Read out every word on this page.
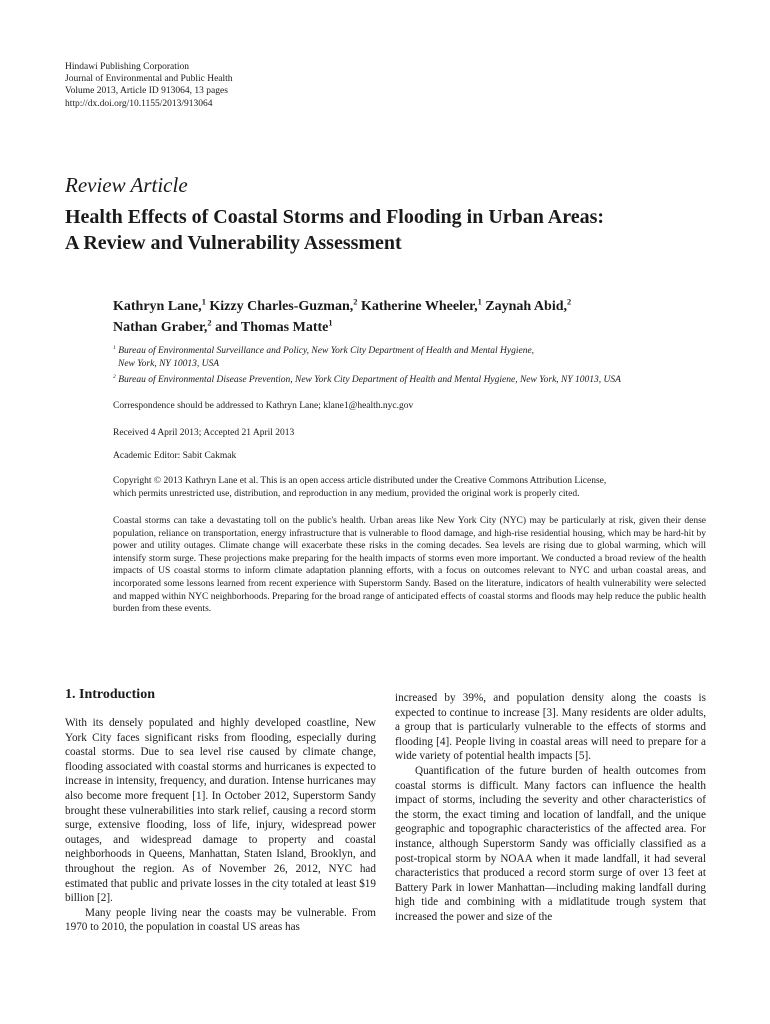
Hindawi Publishing Corporation
Journal of Environmental and Public Health
Volume 2013, Article ID 913064, 13 pages
http://dx.doi.org/10.1155/2013/913064
Review Article
Health Effects of Coastal Storms and Flooding in Urban Areas:
A Review and Vulnerability Assessment
Kathryn Lane,$^1$ Kizzy Charles-Guzman,$^2$ Katherine Wheeler,$^1$ Zaynah Abid,$^2$
Nathan Graber,$^2$ and Thomas Matte$^1$
$^1$ Bureau of Environmental Surveillance and Policy, New York City Department of Health and Mental Hygiene,
New York, NY 10013, USA
$^2$ Bureau of Environmental Disease Prevention, New York City Department of Health and Mental Hygiene, New York, NY 10013, USA
Correspondence should be addressed to Kathryn Lane; klane1@health.nyc.gov
Received 4 April 2013; Accepted 21 April 2013
Academic Editor: Sabit Cakmak
Copyright © 2013 Kathryn Lane et al. This is an open access article distributed under the Creative Commons Attribution License,
which permits unrestricted use, distribution, and reproduction in any medium, provided the original work is properly cited.
Coastal storms can take a devastating toll on the public's health. Urban areas like New York City (NYC) may be particularly at risk, given their dense population, reliance on transportation, energy infrastructure that is vulnerable to flood damage, and high-rise residential housing, which may be hard-hit by power and utility outages. Climate change will exacerbate these risks in the coming decades. Sea levels are rising due to global warming, which will intensify storm surge. These projections make preparing for the health impacts of storms even more important. We conducted a broad review of the health impacts of US coastal storms to inform climate adaptation planning efforts, with a focus on outcomes relevant to NYC and urban coastal areas, and incorporated some lessons learned from recent experience with Superstorm Sandy. Based on the literature, indicators of health vulnerability were selected and mapped within NYC neighborhoods. Preparing for the broad range of anticipated effects of coastal storms and floods may help reduce the public health burden from these events.
1. Introduction

With its densely populated and highly developed coastline, New York City faces significant risks from flooding, especially during coastal storms. Due to sea level rise caused by climate change, flooding associated with coastal storms and hurricanes is expected to increase in intensity, frequency, and duration. Intense hurricanes may also become more frequent [1]. In October 2012, Superstorm Sandy brought these vulnerabilities into stark relief, causing a record storm surge, extensive flooding, loss of life, injury, widespread power outages, and widespread damage to property and coastal neighborhoods in Queens, Manhattan, Staten Island, Brooklyn, and throughout the region. As of November 26, 2012, NYC had estimated that public and private losses in the city totaled at least $19 billion [2].

Many people living near the coasts may be vulnerable. From 1970 to 2010, the population in coastal US areas has

increased by 39%, and population density along the coasts is expected to continue to increase [3]. Many residents are older adults, a group that is particularly vulnerable to the effects of storms and flooding [4]. People living in coastal areas will need to prepare for a wide variety of potential health impacts [5].

Quantification of the future burden of health outcomes from coastal storms is difficult. Many factors can influence the health impact of storms, including the severity and other characteristics of the storm, the exact timing and location of landfall, and the unique geographic and topographic characteristics of the affected area. For instance, although Superstorm Sandy was officially classified as a post-tropical storm by NOAA when it made landfall, it had several characteristics that produced a record storm surge of over 13 feet at Battery Park in lower Manhattan—including making landfall during high tide and combining with a midlatitude trough system that increased the power and size of the
